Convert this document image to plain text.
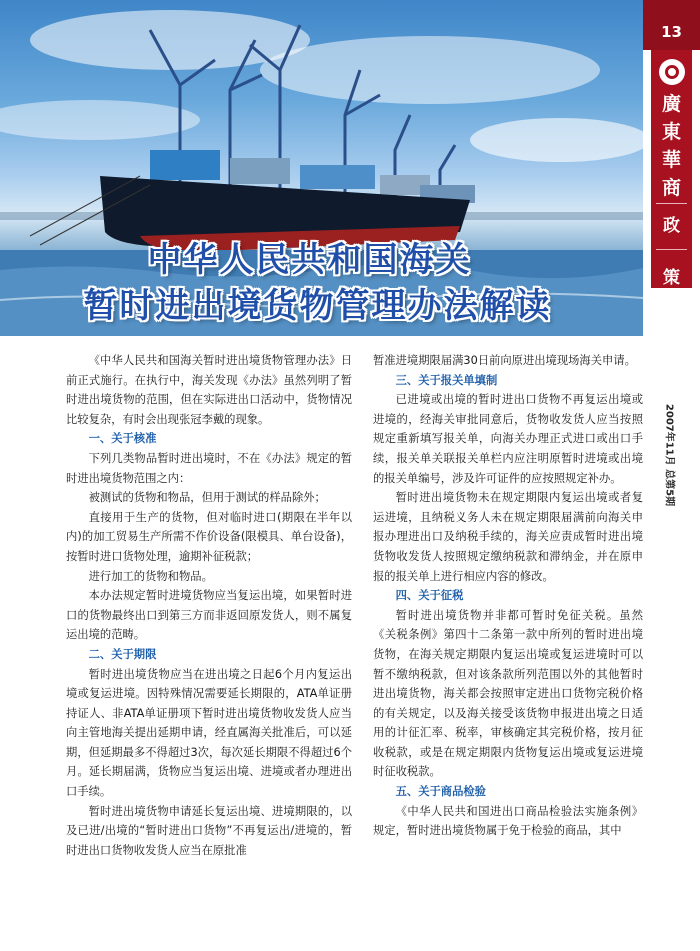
中华人民共和国海关
暂时进出境货物管理办法解读
13
廣
東
華
商
政
策
2007年11月 总第5期

《中华人民共和国海关暂时进出境货物管理办法》日前正式施行。在执行中，海关发现《办法》虽然列明了暂时进出境货物的范围，但在实际进出口活动中，货物情况比较复杂，有时会出现张冠李戴的现象。

一、关于核准

下列几类物品暂时进出境时，不在《办法》规定的暂时进出境货物范围之内：

被测试的货物和物品，但用于测试的样品除外；

直接用于生产的货物，但对临时进口(期限在半年以内)的加工贸易生产所需不作价设备(限模具、单台设备)，按暂时进口货物处理，逾期补征税款；

进行加工的货物和物品。

本办法规定暂时进境货物应当复运出境，如果暂时进口的货物最终出口到第三方而非返回原发货人，则不属复运出境的范畴。

二、关于期限

暂时进出境货物应当在进出境之日起6个月内复运出境或复运进境。因特殊情况需要延长期限的，ATA单证册持证人、非ATA单证册项下暂时进出境货物收发货人应当向主管地海关提出延期申请，经直属海关批准后，可以延期，但延期最多不得超过3次，每次延长期限不得超过6个月。延长期届满，货物应当复运出境、进境或者办理进出口手续。

暂时进出境货物申请延长复运出境、进境期限的，以及已进/出境的“暂时进出口货物”不再复运出/进境的，暂时进出口货物收发货人应当在原批准

暂准进境期限届满30日前向原进出境现场海关申请。

三、关于报关单填制

已进境或出境的暂时进出口货物不再复运出境或进境的，经海关审批同意后，货物收发货人应当按照规定重新填写报关单，向海关办理正式进口或出口手续，报关单关联报关单栏内应注明原暂时进境或出境的报关单编号，涉及许可证件的应按照规定补办。

暂时进出境货物未在规定期限内复运出境或者复运进境，且纳税义务人未在规定期限届满前向海关申报办理进出口及纳税手续的，海关应责成暂时进出境货物收发货人按照规定缴纳税款和滞纳金，并在原申报的报关单上进行相应内容的修改。

四、关于征税

暂时进出境货物并非都可暂时免征关税。虽然《关税条例》第四十二条第一款中所列的暂时进出境货物，在海关规定期限内复运出境或复运进境时可以暂不缴纳税款，但对该条款所列范围以外的其他暂时进出境货物，海关都会按照审定进出口货物完税价格的有关规定，以及海关接受该货物申报进出境之日适用的计征汇率、税率，审核确定其完税价格，按月征收税款，或是在规定期限内货物复运出境或复运进境时征收税款。

五、关于商品检验

《中华人民共和国进出口商品检验法实施条例》规定，暂时进出境货物属于免于检验的商品，其中
